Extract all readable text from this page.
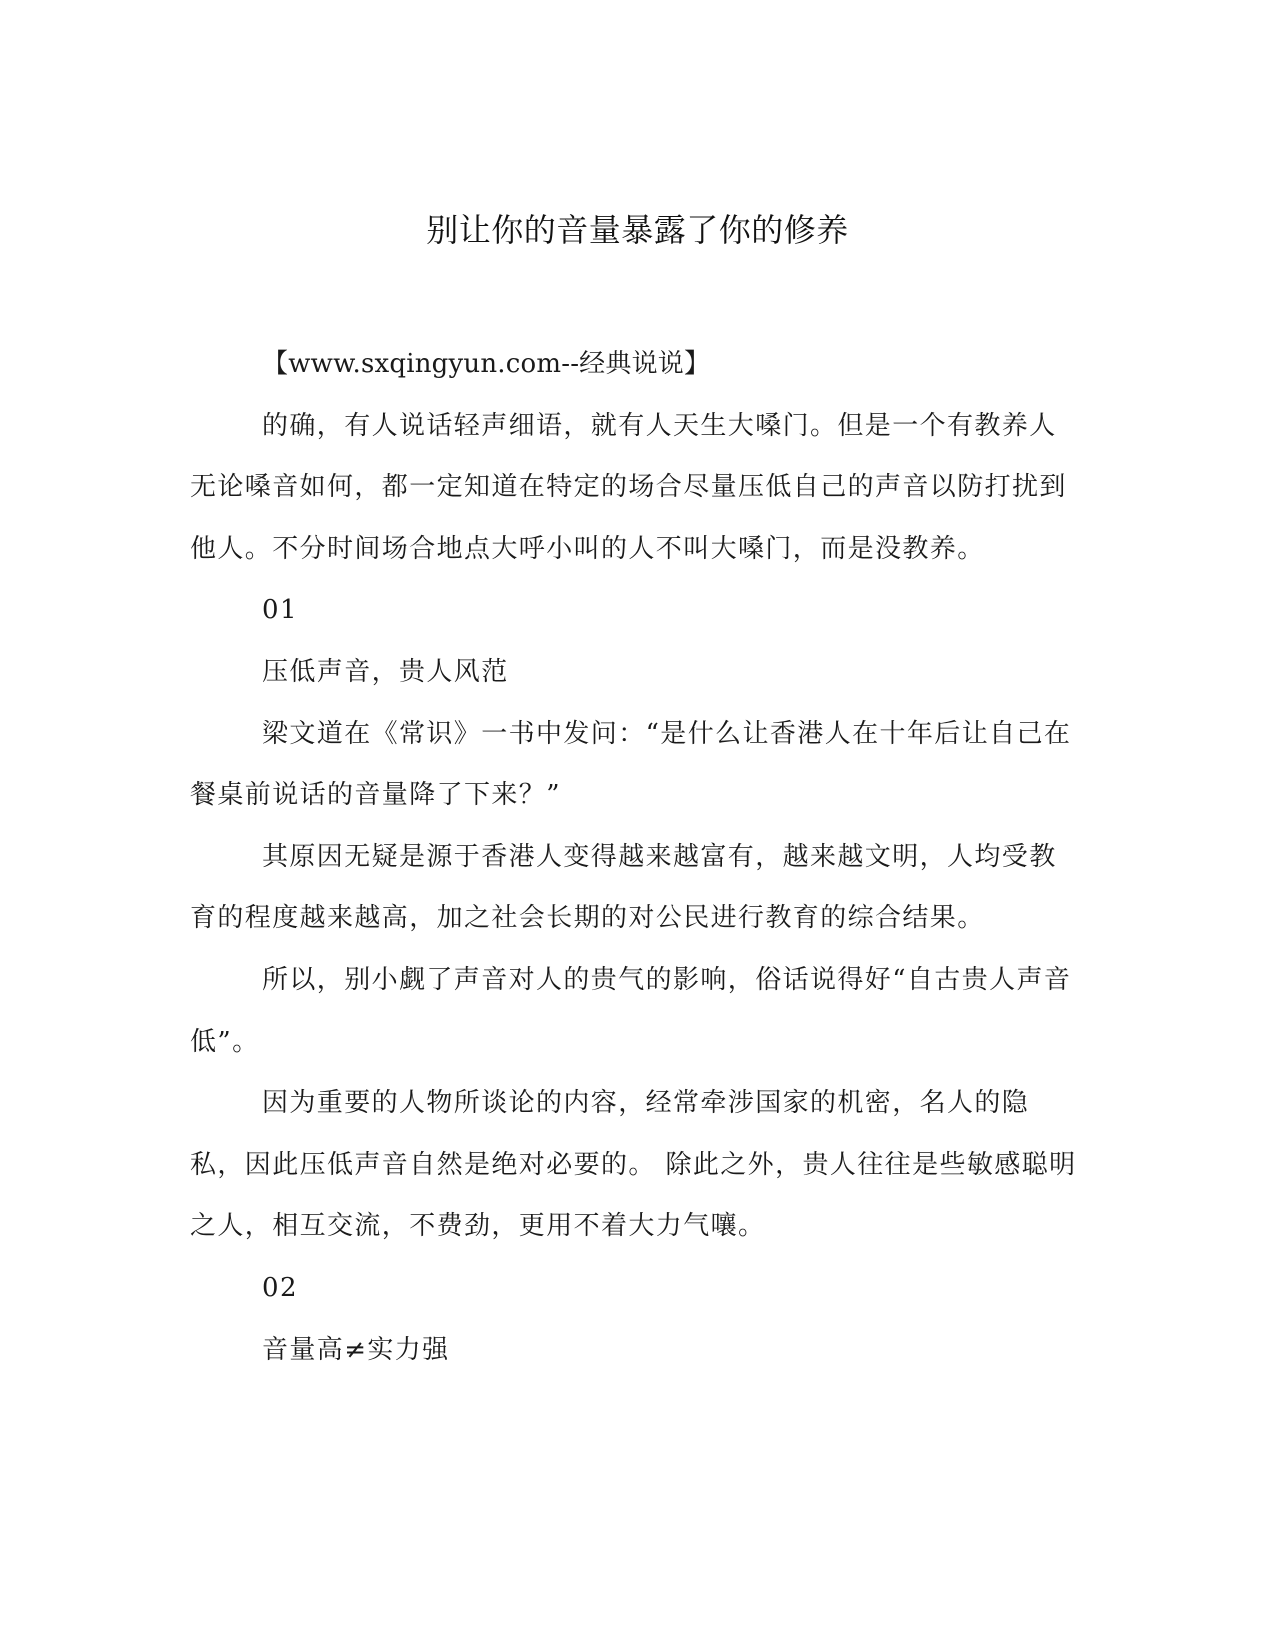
别让你的音量暴露了你的修养

【www.sxqingyun.com--经典说说】

的确，有人说话轻声细语，就有人天生大嗓门。但是一个有教养人无论嗓音如何，都一定知道在特定的场合尽量压低自己的声音以防打扰到他人。不分时间场合地点大呼小叫的人不叫大嗓门，而是没教养。

01

压低声音，贵人风范

梁文道在《常识》一书中发问：“是什么让香港人在十年后让自己在餐桌前说话的音量降了下来？”

其原因无疑是源于香港人变得越来越富有，越来越文明，人均受教育的程度越来越高，加之社会长期的对公民进行教育的综合结果。

所以，别小觑了声音对人的贵气的影响，俗话说得好“自古贵人声音低”。

因为重要的人物所谈论的内容，经常牵涉国家的机密，名人的隐私，因此压低声音自然是绝对必要的。 除此之外，贵人往往是些敏感聪明之人，相互交流，不费劲，更用不着大力气嚷。

02

音量高≠实力强
